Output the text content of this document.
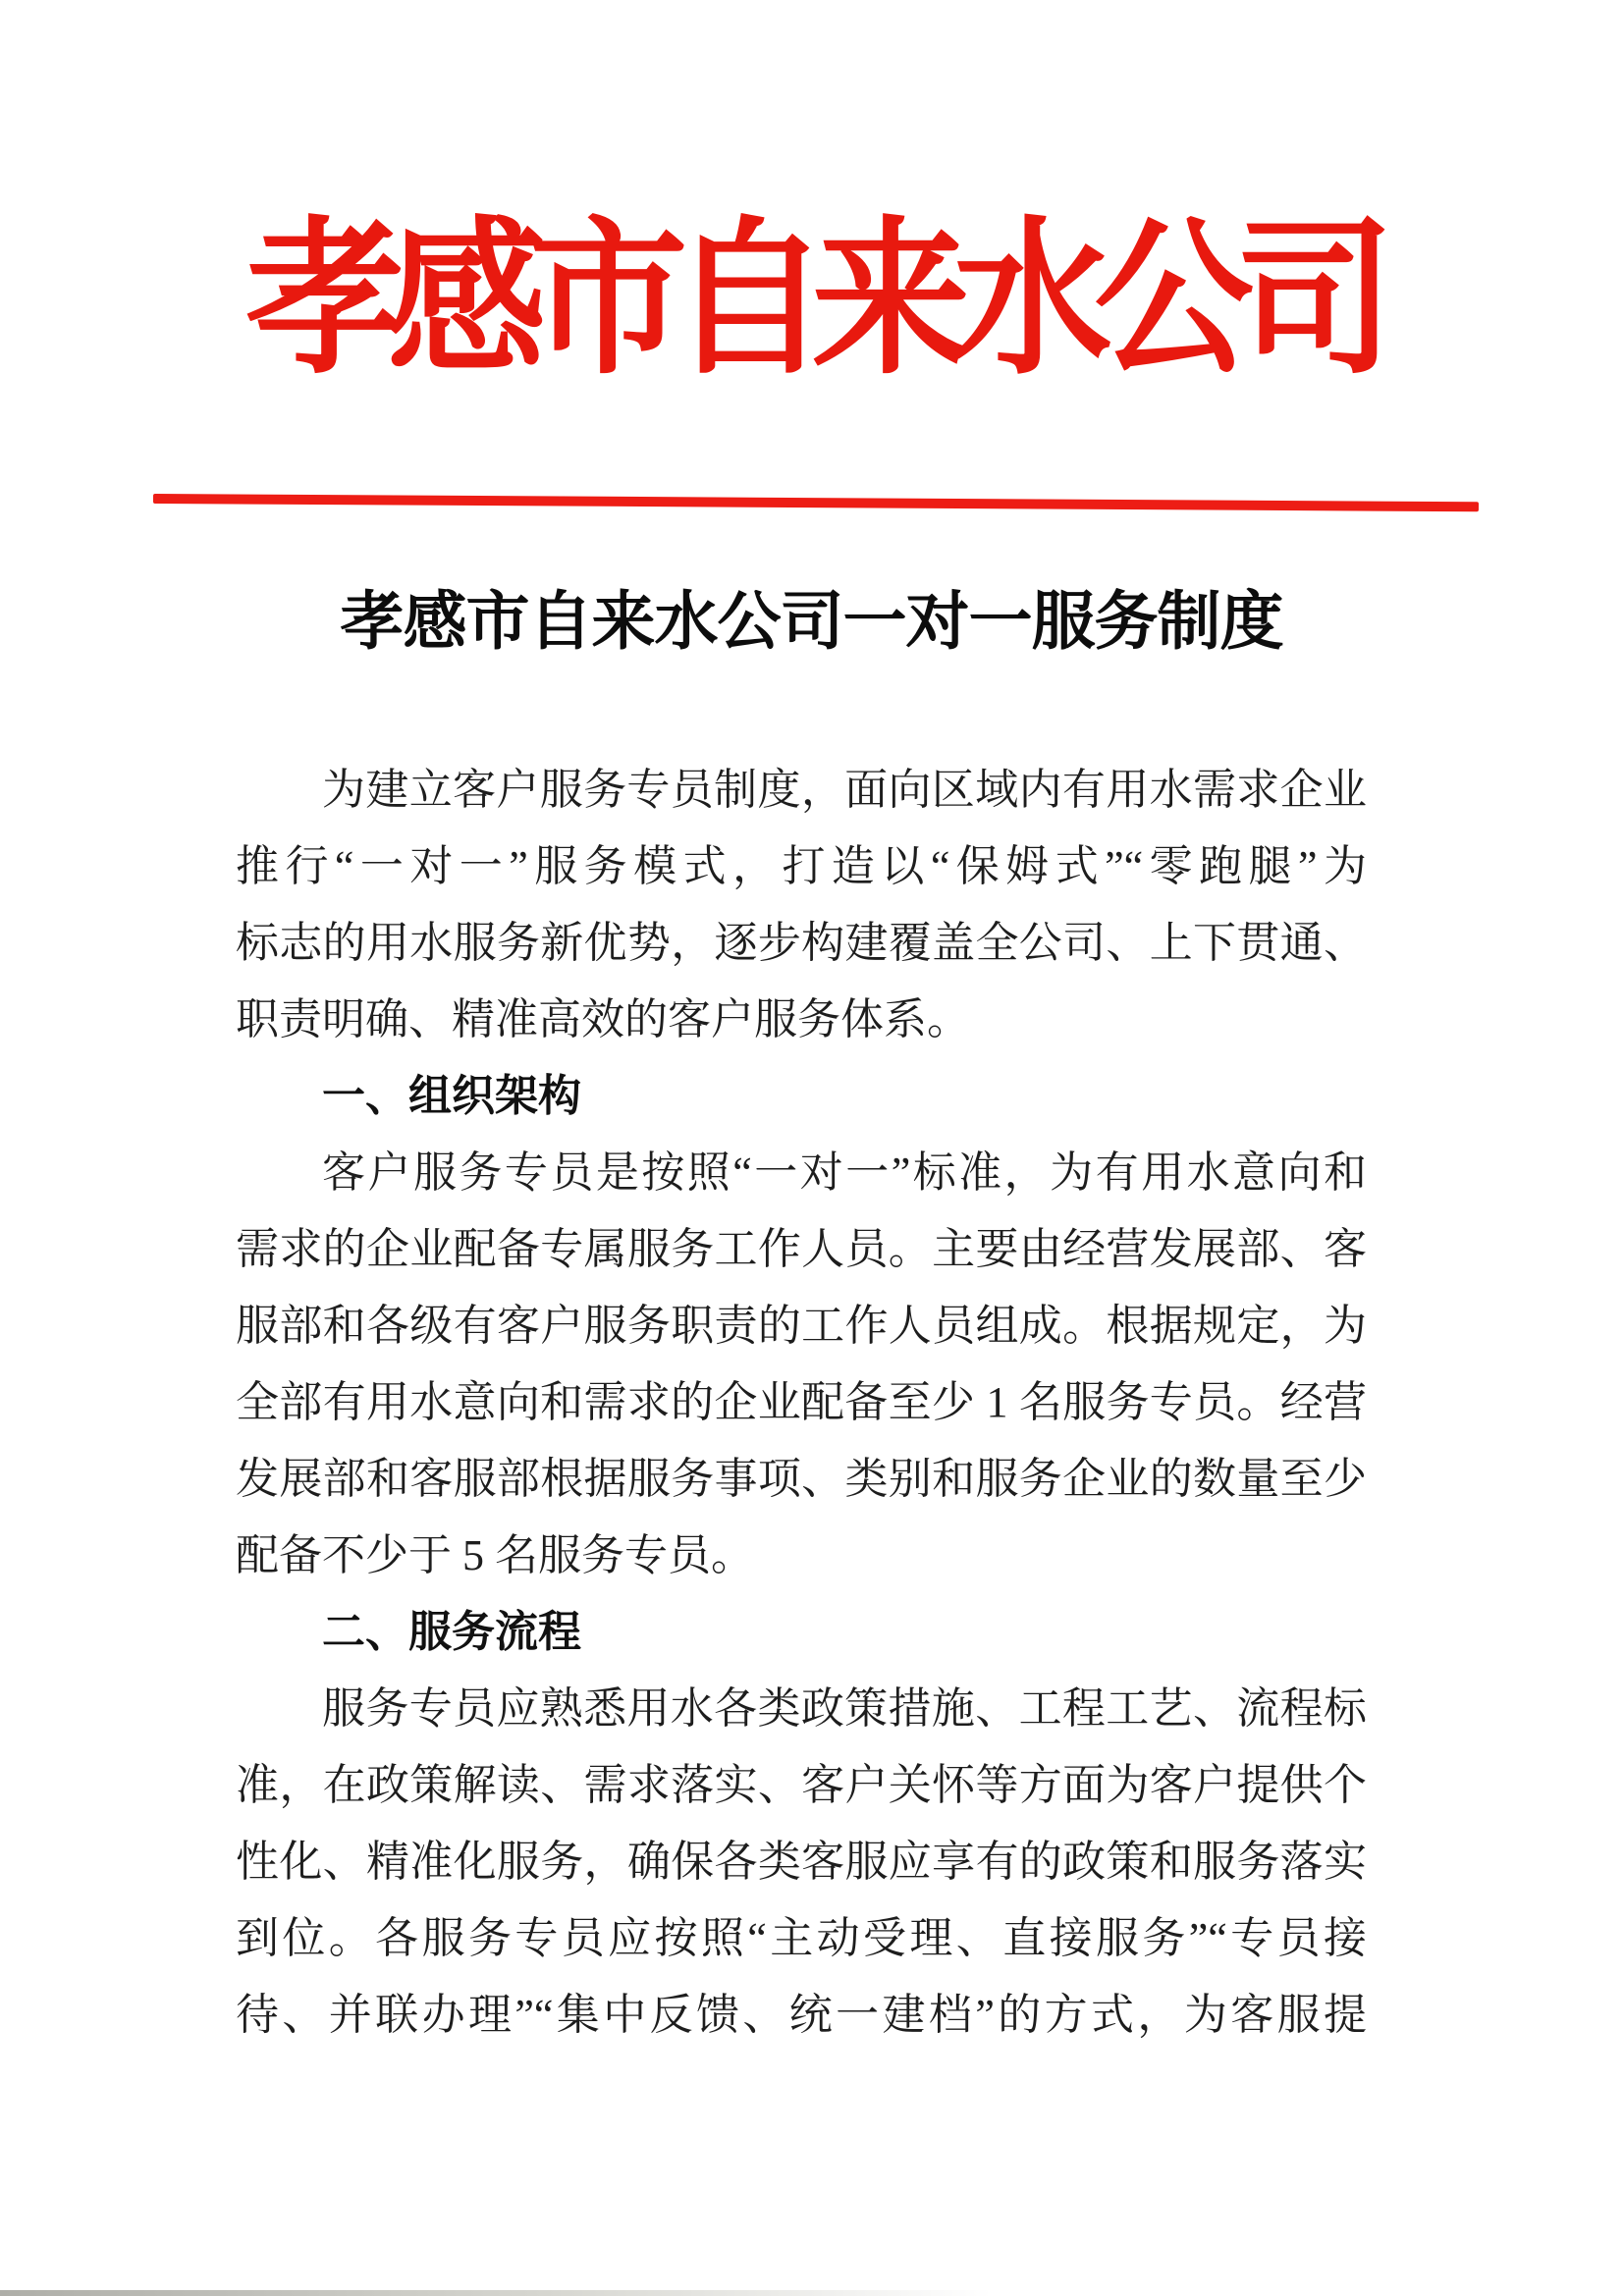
孝感市自来水公司
孝感市自来水公司一对一服务制度
为建立客户服务专员制度，面向区域内有用水需求企业
推行“一对一”服务模式，打造以“保姆式”“零跑腿”为
标志的用水服务新优势，逐步构建覆盖全公司、上下贯通、
职责明确、精准高效的客户服务体系。
一、组织架构
客户服务专员是按照“一对一”标准，为有用水意向和
需求的企业配备专属服务工作人员。主要由经营发展部、客
服部和各级有客户服务职责的工作人员组成。根据规定，为
全部有用水意向和需求的企业配备至少 1 名服务专员。经营
发展部和客服部根据服务事项、类别和服务企业的数量至少
配备不少于 5 名服务专员。
二、服务流程
服务专员应熟悉用水各类政策措施、工程工艺、流程标
准，在政策解读、需求落实、客户关怀等方面为客户提供个
性化、精准化服务，确保各类客服应享有的政策和服务落实
到位。各服务专员应按照“主动受理、直接服务”“专员接
待、并联办理”“集中反馈、统一建档”的方式，为客服提
